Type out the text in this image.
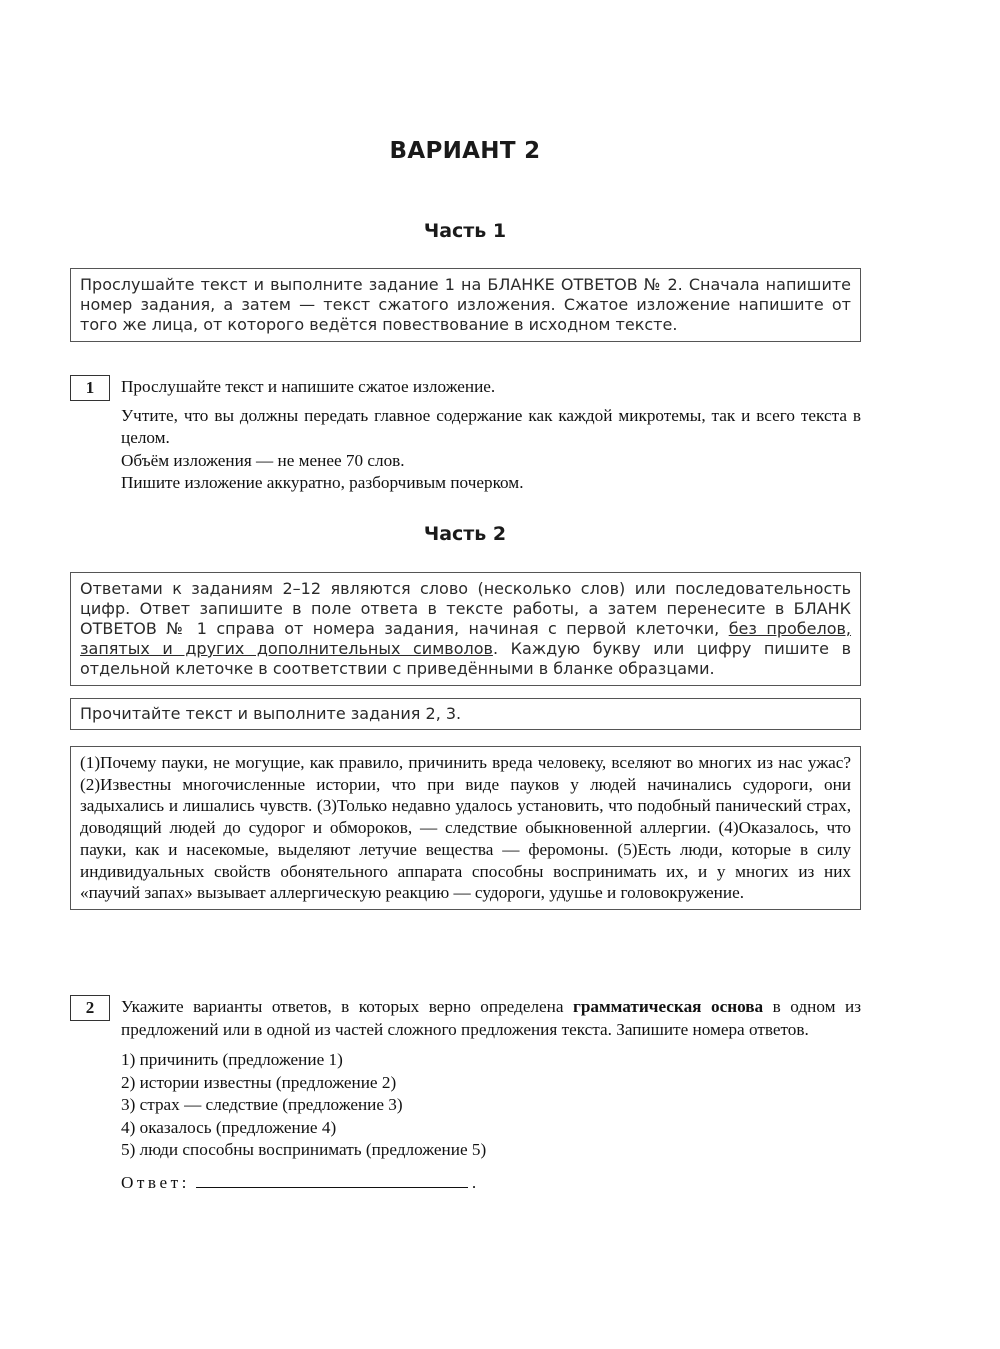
ВАРИАНТ 2
Часть 1
Прослушайте текст и выполните задание 1 на БЛАНКЕ ОТВЕТОВ № 2. Сначала напишите номер задания, а затем — текст сжатого изложения. Сжатое изложение напишите от того же лица, от которого ведётся повествование в исходном тексте.
1	Прослушайте текст и напишите сжатое изложение.

Учтите, что вы должны передать главное содержание как каждой микротемы, так и всего текста в целом.

Объём изложения — не менее 70 слов.

Пишите изложение аккуратно, разборчивым почерком.

Часть 2
Ответами к заданиям 2–12 являются слово (несколько слов) или последовательность цифр. Ответ запишите в поле ответа в тексте работы, а затем перенесите в БЛАНК ОТВЕТОВ № 1 справа от номера задания, начиная с первой клеточки, без пробелов, запятых и других дополнительных символов. Каждую букву или цифру пишите в отдельной клеточке в соответствии с приведёнными в бланке образцами.
Прочитайте текст и выполните задания 2, 3.
(1)Почему пауки, не могущие, как правило, причинить вреда человеку, вселяют во многих из нас ужас? (2)Известны многочисленные истории, что при виде пауков у людей начинались судороги, они задыхались и лишались чувств. (3)Только недавно удалось установить, что подобный панический страх, доводящий людей до судорог и обмороков, — следствие обыкновенной аллергии. (4)Оказалось, что пауки, как и насекомые, выделяют летучие вещества — феромоны. (5)Есть люди, которые в силу индивидуальных свойств обонятельного аппарата способны воспринимать их, и у многих из них «паучий запах» вызывает аллергическую реакцию — судороги, удушье и головокружение.
2	Укажите варианты ответов, в которых верно определена грамматическая основа в одном из предложений или в одной из частей сложного предложения текста. Запишите номера ответов.

1) причинить (предложение 1)
2) истории известны (предложение 2)
3) страх — следствие (предложение 3)
4) оказалось (предложение 4)
5) люди способны воспринимать (предложение 5)
Ответ:	.
